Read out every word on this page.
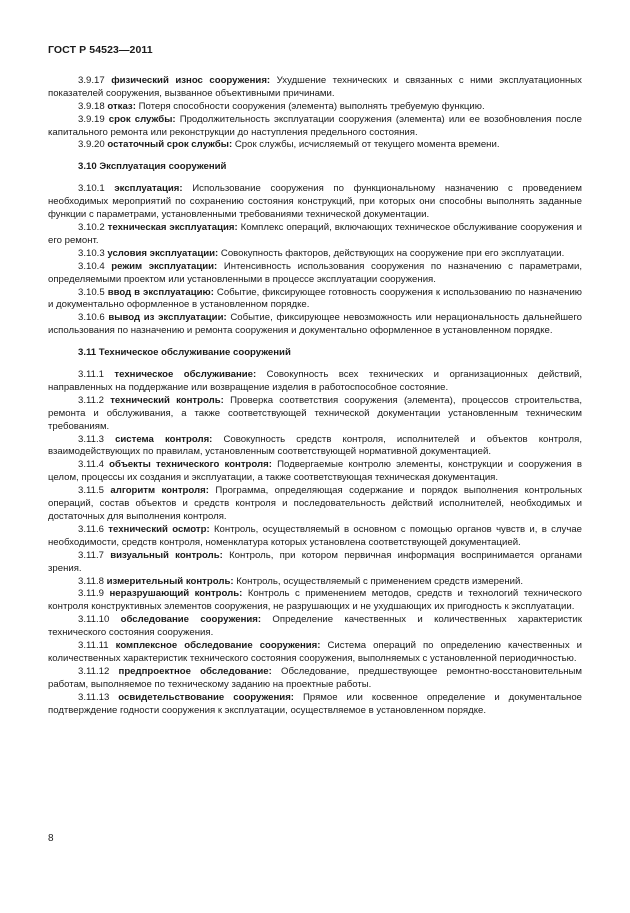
ГОСТ Р 54523—2011

3.9.17 физический износ сооружения: Ухудшение технических и связанных с ними эксплуатационных показателей сооружения, вызванное объективными причинами.

3.9.18 отказ: Потеря способности сооружения (элемента) выполнять требуемую функцию.

3.9.19 срок службы: Продолжительность эксплуатации сооружения (элемента) или ее возобновления после капитального ремонта или реконструкции до наступления предельного состояния.

3.9.20 остаточный срок службы: Срок службы, исчисляемый от текущего момента времени.

3.10 Эксплуатация сооружений

3.10.1 эксплуатация: Использование сооружения по функциональному назначению с проведением необходимых мероприятий по сохранению состояния конструкций, при которых они способны выполнять заданные функции с параметрами, установленными требованиями технической документации.

3.10.2 техническая эксплуатация: Комплекс операций, включающих техническое обслуживание сооружения и его ремонт.

3.10.3 условия эксплуатации: Совокупность факторов, действующих на сооружение при его эксплуатации.

3.10.4 режим эксплуатации: Интенсивность использования сооружения по назначению с параметрами, определяемыми проектом или установленными в процессе эксплуатации сооружения.

3.10.5 ввод в эксплуатацию: Событие, фиксирующее готовность сооружения к использованию по назначению и документально оформленное в установленном порядке.

3.10.6 вывод из эксплуатации: Событие, фиксирующее невозможность или нерациональность дальнейшего использования по назначению и ремонта сооружения и документально оформленное в установленном порядке.

3.11 Техническое обслуживание сооружений

3.11.1 техническое обслуживание: Совокупность всех технических и организационных действий, направленных на поддержание или возвращение изделия в работоспособное состояние.

3.11.2 технический контроль: Проверка соответствия сооружения (элемента), процессов строительства, ремонта и обслуживания, а также соответствующей технической документации установленным техническим требованиям.

3.11.3 система контроля: Совокупность средств контроля, исполнителей и объектов контроля, взаимодействующих по правилам, установленным соответствующей нормативной документацией.

3.11.4 объекты технического контроля: Подвергаемые контролю элементы, конструкции и сооружения в целом, процессы их создания и эксплуатации, а также соответствующая техническая документация.

3.11.5 алгоритм контроля: Программа, определяющая содержание и порядок выполнения контрольных операций, состав объектов и средств контроля и последовательность действий исполнителей, необходимых и достаточных для выполнения контроля.

3.11.6 технический осмотр: Контроль, осуществляемый в основном с помощью органов чувств и, в случае необходимости, средств контроля, номенклатура которых установлена соответствующей документацией.

3.11.7 визуальный контроль: Контроль, при котором первичная информация воспринимается органами зрения.

3.11.8 измерительный контроль: Контроль, осуществляемый с применением средств измерений.

3.11.9 неразрушающий контроль: Контроль с применением методов, средств и технологий технического контроля конструктивных элементов сооружения, не разрушающих и не ухудшающих их пригодность к эксплуатации.

3.11.10 обследование сооружения: Определение качественных и количественных характеристик технического состояния сооружения.

3.11.11 комплексное обследование сооружения: Система операций по определению качественных и количественных характеристик технического состояния сооружения, выполняемых с установленной периодичностью.

3.11.12 предпроектное обследование: Обследование, предшествующее ремонтно-восстановительным работам, выполняемое по техническому заданию на проектные работы.

3.11.13 освидетельствование сооружения: Прямое или косвенное определение и документальное подтверждение годности сооружения к эксплуатации, осуществляемое в установленном порядке.

8
